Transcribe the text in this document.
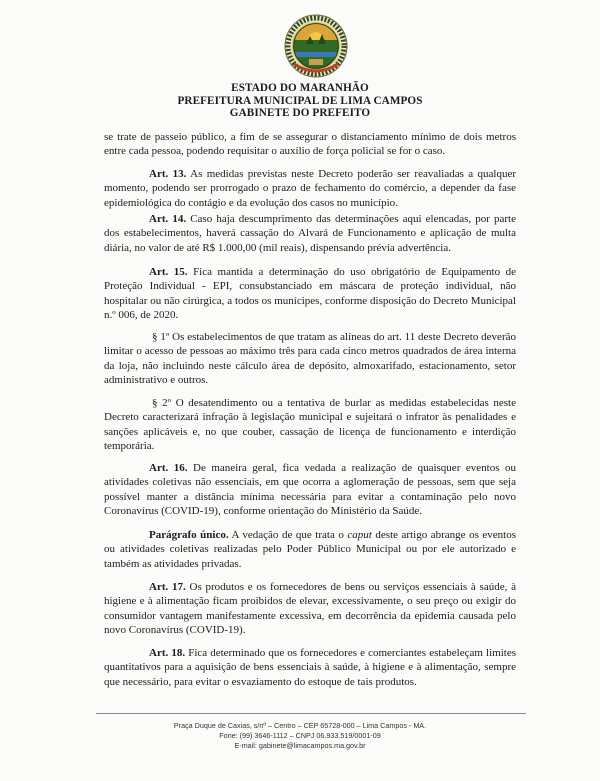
ESTADO DO MARANHÃO
PREFEITURA MUNICIPAL DE LIMA CAMPOS
GABINETE DO PREFEITO

se trate de passeio público, a fim de se assegurar o distanciamento mínimo de dois metros entre cada pessoa, podendo requisitar o auxílio de força policial se for o caso.

Art. 13. As medidas previstas neste Decreto poderão ser reavaliadas a qualquer momento, podendo ser prorrogado o prazo de fechamento do comércio, a depender da fase epidemiológica do contágio e da evolução dos casos no município.

Art. 14. Caso haja descumprimento das determinações aqui elencadas, por parte dos estabelecimentos, haverá cassação do Alvará de Funcionamento e aplicação de multa diária, no valor de até R$ 1.000,00 (mil reais), dispensando prévia advertência.

Art. 15. Fica mantida a determinação do uso obrigatório de Equipamento de Proteção Individual - EPI, consubstanciado em máscara de proteção individual, não hospitalar ou não cirúrgica, a todos os munícipes, conforme disposição do Decreto Municipal n.º 006, de 2020.

§ 1º Os estabelecimentos de que tratam as alíneas do art. 11 deste Decreto deverão limitar o acesso de pessoas ao máximo três para cada cinco metros quadrados de área interna da loja, não incluindo neste cálculo área de depósito, almoxarifado, estacionamento, setor administrativo e outros.

§ 2º O desatendimento ou a tentativa de burlar as medidas estabelecidas neste Decreto caracterizará infração à legislação municipal e sujeitará o infrator às penalidades e sanções aplicáveis e, no que couber, cassação de licença de funcionamento e interdição temporária.

Art. 16. De maneira geral, fica vedada a realização de quaisquer eventos ou atividades coletivas não essenciais, em que ocorra a aglomeração de pessoas, sem que seja possível manter a distância mínima necessária para evitar a contaminação pelo novo Coronavírus (COVID-19), conforme orientação do Ministério da Saúde.

Parágrafo único. A vedação de que trata o caput deste artigo abrange os eventos ou atividades coletivas realizadas pelo Poder Público Municipal ou por ele autorizado e também as atividades privadas.

Art. 17. Os produtos e os fornecedores de bens ou serviços essenciais à saúde, à higiene e à alimentação ficam proibidos de elevar, excessivamente, o seu preço ou exigir do consumidor vantagem manifestamente excessiva, em decorrência da epidemia causada pelo novo Coronavírus (COVID-19).

Art. 18. Fica determinado que os fornecedores e comerciantes estabeleçam limites quantitativos para a aquisição de bens essenciais à saúde, à higiene e à alimentação, sempre que necessário, para evitar o esvaziamento do estoque de tais produtos.

Praça Duque de Caxias, s/nº – Centro – CEP 65728-000 – Lima Campos - MA.
Fone: (99) 3646-1112 – CNPJ 06.933.519/0001-09
E-mail: gabinete@limacampos.ma.gov.br
